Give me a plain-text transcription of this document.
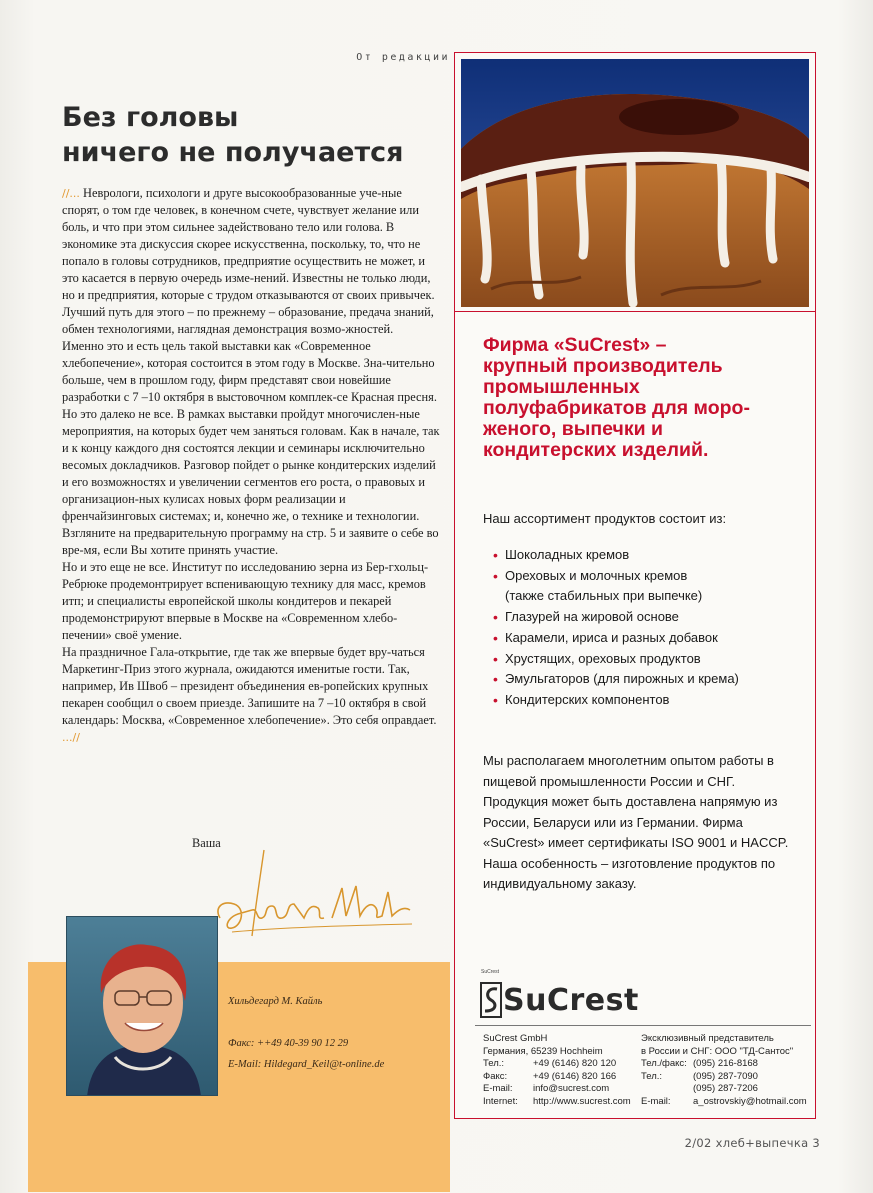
От редакции
Без головы
ничего не получается

//... Неврологи, психологи и друге высокообразованные уче-ные спорят, о том где человек, в конечном счете, чувствует желание или боль, и что при этом сильнее задействовано тело или голова. В экономике эта дискуссия скорее искусственна, поскольку, то, что не попало в головы сотрудников, предприятие осуществить не может, и это касается в первую очередь изме-нений. Известны не только люди, но и предприятия, которые с трудом отказываются от своих привычек.

Лучший путь для этого – по прежнему – образование, предача знаний, обмен технологиями, наглядная демонстрация возмо-жностей.

Именно это и есть цель такой выставки как «Современное хлебопечение», которая состоится в этом году в Москве. Зна-чительно больше, чем в прошлом году, фирм представят свои новейшие разработки с 7 –10 октября в выстовочном комплек-се Красная пресня.

Но это далеко не все. В рамках выставки пройдут многочислен-ные мероприятия, на которых будет чем заняться головам. Как в начале, так и к концу каждого дня состоятся лекции и семинары исключительно весомых докладчиков. Разговор пойдет о рынке кондитерских изделий и его возможностях и увеличении сегментов его роста, о правовых и организацион-ных кулисах новых форм реализации и френчайзинговых системах; и, конечно же, о технике и технологии. Взгляните на предварительную программу на стр. 5 и заявите о себе во вре-мя, если Вы хотите принять участие.

Но и это еще не все. Институт по исследованию зерна из Бер-гхольц-Ребрюке продемонтрирует вспенивающую технику для масс, кремов итп; и специалисты европейской школы кондитеров и пекарей продемонстрируют впервые в Москве на «Современном хлебо-печении» своё умение.

На праздничное Гала-открытие, где так же впервые будет вру-чаться Маркетинг-Приз этого журнала, ожидаются именитые гости. Так, например, Ив Швоб – президент объединения ев-ропейских крупных пекарен сообщил о своем приезде. Запишите на 7 –10 октября в свой календарь: Москва, «Современное хлебопечение». Это себя оправдает. ...//

Ваша
Хильдегард М. Кайль
Факс: ++49 40-39 90 12 29
E-Mail: Hildegard_Keil@t-online.de
Фирма «SuCrest» –
крупный производитель
промышленных
полуфабрикатов для моро-
женого, выпечки и
кондитерских изделий.
Наш ассортимент продуктов состоит из:
• Шоколадных кремов
• Ореховых и молочных кремов
(также стабильных при выпечке)
• Глазурей на жировой основе
• Карамели, ириса и разных добавок
• Хрустящих, ореховых продуктов
• Эмульгаторов (для пирожных и крема)
• Кондитерских компонентов
Мы располагаем многолетним опытом работы в пищевой промышленности России и СНГ. Продукция может быть доставлена напрямую из России, Беларуси или из Германии. Фирма «SuCrest» имеет сертификаты ISO 9001 и HACCP. Наша особенность – изготовление продуктов по индивидуальному заказу.
SuCrest
SuCrest
SuCrest GmbH
Германия, 65239 Hochheim
Тел.:	+49 (6146) 820 120
Факс:	+49 (6146) 820 166
E-mail:	info@sucrest.com
Internet:	http://www.sucrest.com
Эксклюзивный представитель
в России и СНГ: ООО "ТД-Сантос"
Тел./факс: (095) 216-8168
Тел.:	(095) 287-7090
(095) 287-7206
E-mail:	a_ostrovskiy@hotmail.com
2/02 хлеб+выпечка 3
